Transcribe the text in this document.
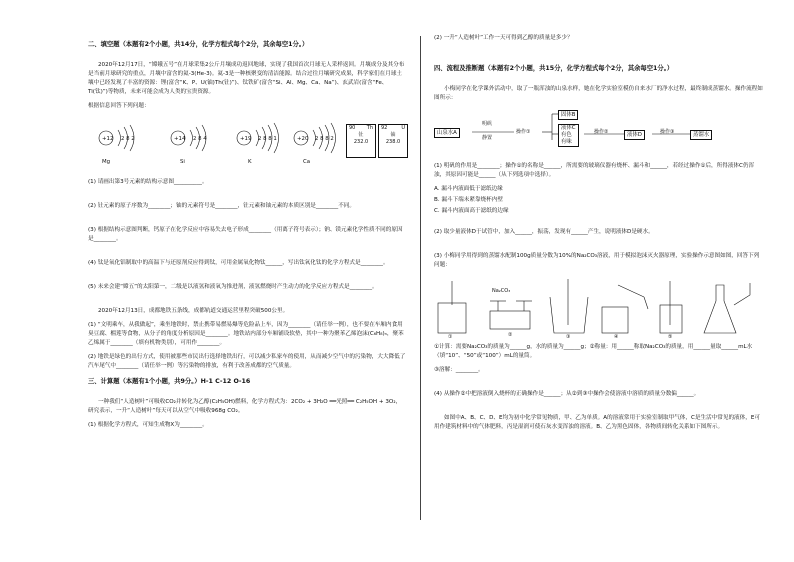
二、填空题（本题有2个小题，共14分，化学方程式每个2分，其余每空1分。）
2020年12月17日，“嫦娥五号”在月球采集2公斤月壤成功返回地球，实现了我国首次月球无人采样返回。月壤成分及其分布是当前月球研究的重点，月壤中富含的氦-3(He-3)。氦-3是一种核聚变的清洁能源。结合过往月壤研究成果，科学家们在月球土壤中已经发现了丰富的资源：锂(富含“K、P、U(铀)Th(钍)”)、钛铁矿(富含“Si、Al、Mg、Ca、Na”)、玄武岩(富含“Fe、Ti(钛)”)等物质，未来可能会成为人类的宝贵资源。
根据信息回答下列问题：
+12 2 8 2
Mg
+14 2 8 4
Si
+19 2 8 8 1
K
+20 2 8 8 2
Ca
90 Th
钍
232.0
92	U
铀
238.0
(1) 请画出第3号元素的结构示意图__________。
(2) 钍元素的原子序数为________；铀的元素符号是________，钍元素和铀元素的本质区别是________不同。
(3) 根据结构示意图判断，钙原子在化学反应中容易失去电子形成________（用离子符号表示）；钠、镁元素化学性质不同的原因是________。
(4) 钛是氧化铝制取中的高温下与还原剂反应得到钛，可用金属氧化物钛______，写出钛氧化钛的化学方程式是________。
(5) 未来会建“嫦五”的太阳第一，二级是以液氢和液氧为推进剂，液氢燃烧时产生动力的化学反应方程式是________。
2020年12月13日，成都地铁五条线，成都轨道交通运营里程突破500公里。
(1) “文明乘车，从我做起”，乘坐地铁时，禁止携带易燃易爆等危险品上车，因为________（请任举一例），也不要在车厢内食用臭豆腐、榴莲等食物，从分子的角度分析原因是________。地铁站内部分车厢铺设软垫，其中一种为聚苯乙烯泡沫(C₆H₈)ₙ，聚苯乙烯属于________（填有机物类别），可用作________。
(2) 地铁是绿色的出行方式，使用被那些市民出行选择地铁出行，可以减少私家车的使用，从而减少空气中的污染物，大大降低了汽车尾气中________（请任举一例）等污染物的排放，有利于改善成都的空气质量。
三、计算题（本题有1个小题，共9分。）H-1 C-12 O-16
一种我们“人造树叶”可吸收CO₂并转化为乙醇(C₂H₅OH)燃料，化学方程式为：2CO₂ + 3H₂O ══光照══ C₂H₅OH + 3O₂，研究表示，一升“人造树叶”每天可以从空气中吸收968g CO₂。
(1) 根据化学方程式，可知生成物X为________。
(2) 一升“人造树叶”工作一天可得到乙醇的质量是多少？
四、流程及推断题（本题有2个小题，共15分，化学方程式每个2分，其余每空1分。）
小梅同学在化学课外活动中，取了一瓶浑浊的山泉水样，她在化学实验室模仿自来水厂的净水过程，最终制成蒸馏水。操作流程如图所示：
山泉水A
明矾
静置
操作①
固体B
液体C
有色
有味
操作②	液体D	操作③	蒸馏水
(1) 明矾的作用是________；操作①的名称是______，所需要的玻璃仪器有烧杯、漏斗和______，若经过操作①后，所得液体C仍浑浊，其原因可能是______（从下列选项中选择）。
A. 漏斗内液面低于滤纸边缘
B. 漏斗下端未紧靠烧杯内壁
C. 漏斗内液面高于滤纸的边缘
(2) 取少量液体D于试管中，加入______，振荡，发现有______产生，说明液体D是硬水。
(3) 小梅同学用得到的蒸馏水配制100g质量分数为10%的Na₂CO₃溶液，用于模拟泡沫灭火器原理，实验操作示意图如图，回答下列问题：
Na₂CO₃
①	②	③	④	⑤
①计算：需要Na₂CO₃的质量为______g，水的质量为______g；②称量：用______称取Na₂CO₃的质量，用______量取______mL水（填“10”、“50”或“100”）mL的量筒。
③溶解：________。
(4) 从操作②中把溶液倒入烧杯的正确操作是______；从②到③中操作会使溶液中溶质的质量分数偏______。
如图中A、B、C、D、E均为初中化学常见物质，甲、乙为单质。A的溶液常用于实验室制取甲气体，C是生活中常见的液体，E可用作建筑材料中的气体肥料，丙是湿润可使石灰水变浑浊的溶液。B、乙为黑色固体，各物质间转化关系如下图所示。
